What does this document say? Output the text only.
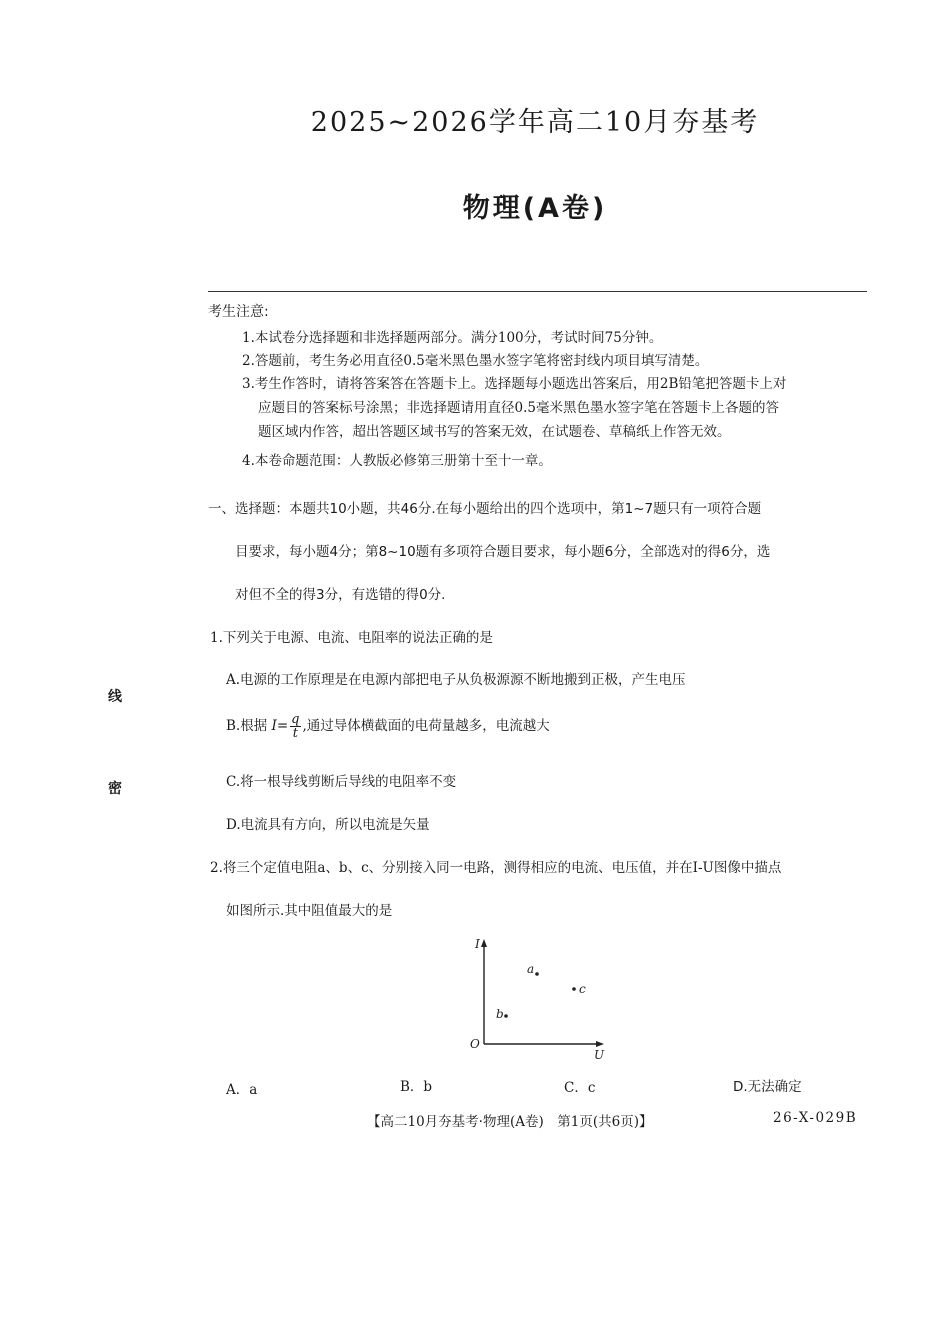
2025~2026学年高二10月夯基考
物理(A卷)
考生注意:
1.本试卷分选择题和非选择题两部分。满分100分，考试时间75分钟。
2.答题前，考生务必用直径0.5毫米黑色墨水签字笔将密封线内项目填写清楚。
3.考生作答时，请将答案答在答题卡上。选择题每小题选出答案后，用2B铅笔把答题卡上对
应题目的答案标号涂黑；非选择题请用直径0.5毫米黑色墨水签字笔在答题卡上各题的答
题区域内作答，超出答题区域书写的答案无效，在试题卷、草稿纸上作答无效。
4.本卷命题范围：人教版必修第三册第十至十一章。
一、选择题：本题共10小题，共46分.在每小题给出的四个选项中，第1~7题只有一项符合题
目要求，每小题4分；第8~10题有多项符合题目要求，每小题6分，全部选对的得6分，选
对但不全的得3分，有选错的得0分.
线
密
1.下列关于电源、电流、电阻率的说法正确的是
A.电源的工作原理是在电源内部把电子从负极源源不断地搬到正极，产生电压
B.根据 $I= \frac{q}{t}$ ,通过导体横截面的电荷量越多，电流越大
C.将一根导线剪断后导线的电阻率不变
D.电流具有方向，所以电流是矢量
2.将三个定值电阻a、b、c、分别接入同一电路，测得相应的电流、电压值，并在I-U图像中描点
如图所示.其中阻值最大的是
I
U
O
a
b
c
A．a	B．b	C．c	D.无法确定
【高二10月夯基考·物理(A卷)　第1页(共6页)】	26-X-029B
